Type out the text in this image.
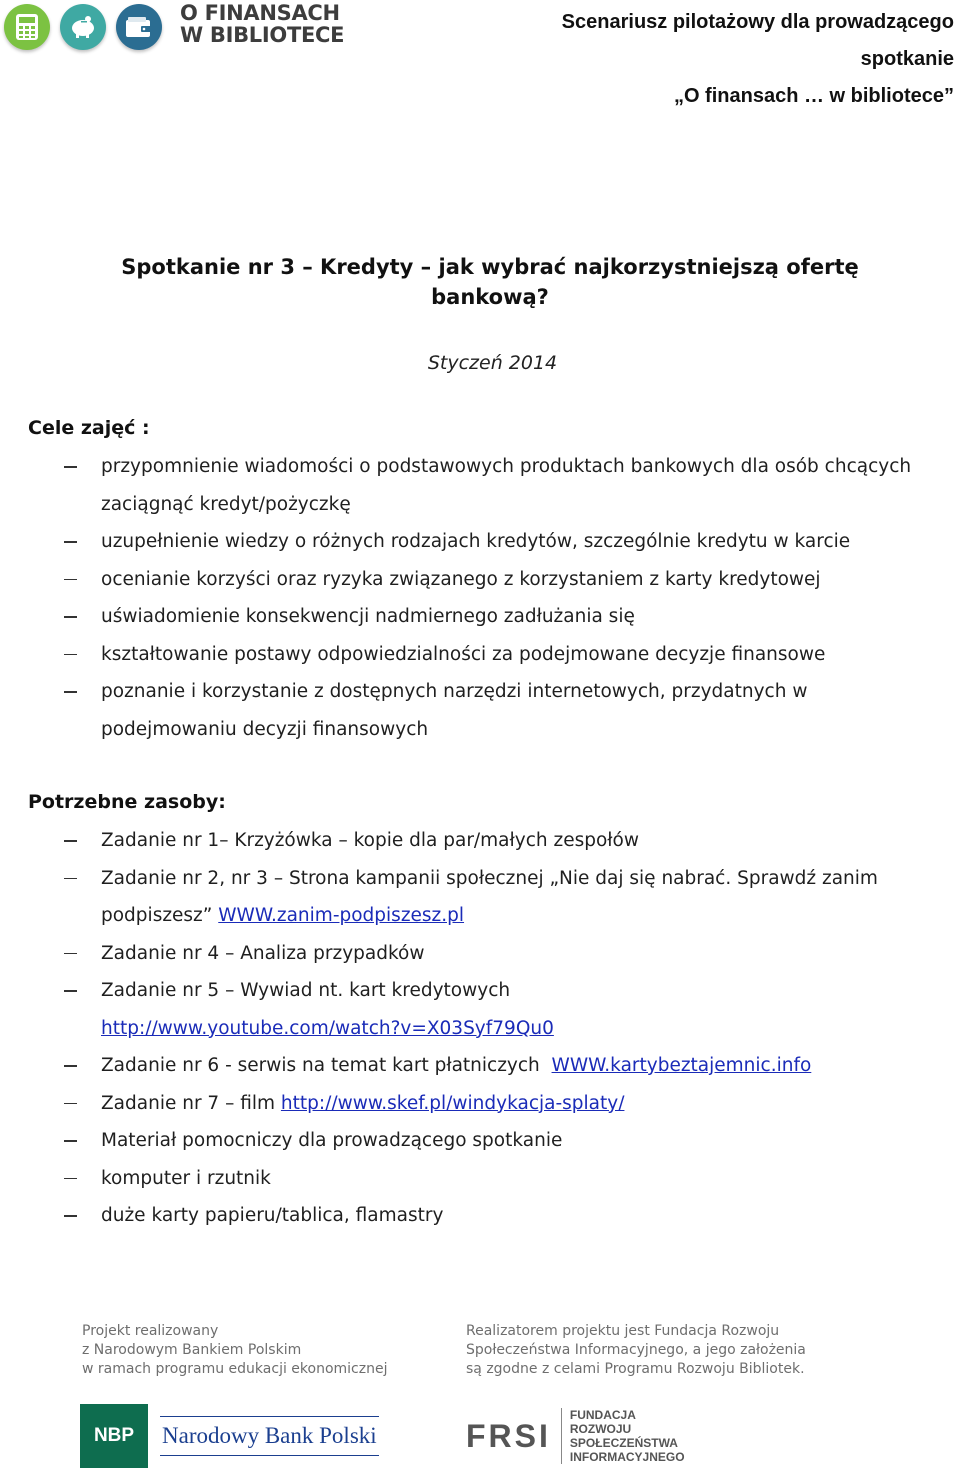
O FINANSACH
W BIBLIOTECE
Scenariusz pilotażowy dla prowadzącego
spotkanie
„O finansach … w bibliotece”
Spotkanie nr 3 – Kredyty – jak wybrać najkorzystniejszą ofertę
bankową?
Styczeń 2014
Cele zajęć :
przypomnienie wiadomości o podstawowych produktach bankowych dla osób chcących zaciągnąć kredyt/pożyczkę
uzupełnienie wiedzy o różnych rodzajach kredytów, szczególnie kredytu w karcie
ocenianie korzyści oraz ryzyka związanego z korzystaniem z karty kredytowej
uświadomienie konsekwencji nadmiernego zadłużania się
kształtowanie postawy odpowiedzialności za podejmowane decyzje finansowe
poznanie i korzystanie z dostępnych narzędzi internetowych, przydatnych w podejmowaniu decyzji finansowych
Potrzebne zasoby:
Zadanie nr 1– Krzyżówka – kopie dla par/małych zespołów
Zadanie nr 2, nr 3 – Strona kampanii społecznej „Nie daj się nabrać. Sprawdź zanim podpiszesz” WWW.zanim-podpiszesz.pl
Zadanie nr 4 – Analiza przypadków
Zadanie nr 5 – Wywiad nt. kart kredytowych
http://www.youtube.com/watch?v=X03Syf79Qu0
Zadanie nr 6 - serwis na temat kart płatniczych WWW.kartybeztajemnic.info
Zadanie nr 7 – film http://www.skef.pl/windykacja-splaty/
Materiał pomocniczy dla prowadzącego spotkanie
komputer i rzutnik
duże karty papieru/tablica, flamastry
Projekt realizowany
z Narodowym Bankiem Polskim
w ramach programu edukacji ekonomicznej
Realizatorem projektu jest Fundacja Rozwoju
Społeczeństwa Informacyjnego, a jego założenia
są zgodne z celami Programu Rozwoju Bibliotek.
NBP	Narodowy Bank Polski	FRSI
FUNDACJA
ROZWOJU
SPOŁECZEŃSTWA
INFORMACYJNEGO
